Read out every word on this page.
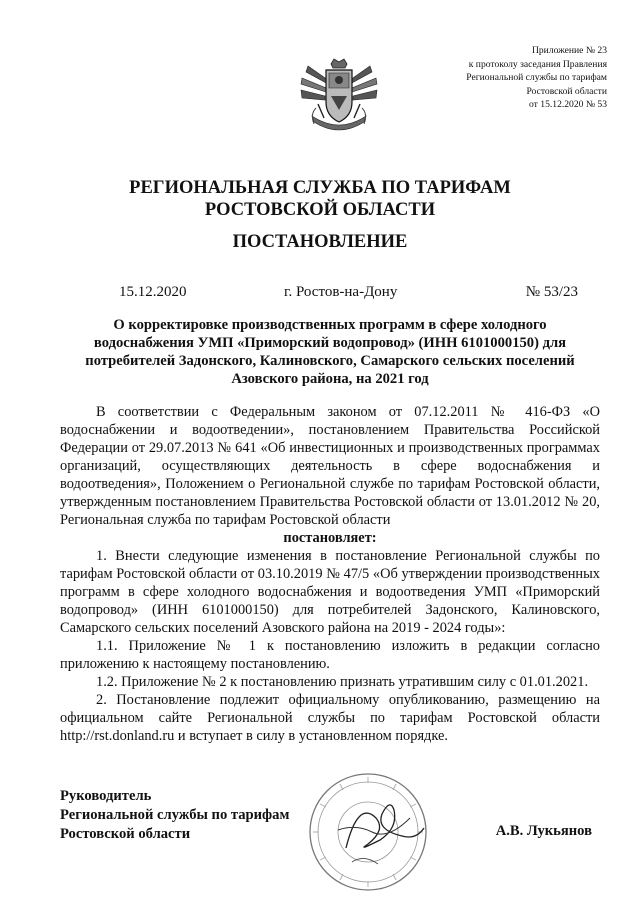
Приложение № 23
к протоколу заседания Правления
Региональной службы по тарифам
Ростовской области
от 15.12.2020 № 53
РЕГИОНАЛЬНАЯ СЛУЖБА ПО ТАРИФАМ
РОСТОВСКОЙ ОБЛАСТИ
ПОСТАНОВЛЕНИЕ
15.12.2020	г. Ростов-на-Дону	№ 53/23
О корректировке производственных программ в сфере холодного
водоснабжения УМП «Приморский водопровод» (ИНН 6101000150) для
потребителей Задонского, Калиновского, Самарского сельских поселений
Азовского района, на 2021 год

В соответствии с Федеральным законом от 07.12.2011 № 416-ФЗ «О водоснабжении и водоотведении», постановлением Правительства Российской Федерации от 29.07.2013 № 641 «Об инвестиционных и производственных программах организаций, осуществляющих деятельность в сфере водоснабжения и водоотведения», Положением о Региональной службе по тарифам Ростовской области, утвержденным постановлением Правительства Ростовской области от 13.01.2012 № 20, Региональная служба по тарифам Ростовской области

постановляет:

1. Внести следующие изменения в постановление Региональной службы по тарифам Ростовской области от 03.10.2019 № 47/5 «Об утверждении производственных программ в сфере холодного водоснабжения и водоотведения УМП «Приморский водопровод» (ИНН 6101000150) для потребителей Задонского, Калиновского, Самарского сельских поселений Азовского района на 2019 - 2024 годы»:

1.1. Приложение № 1 к постановлению изложить в редакции согласно приложению к настоящему постановлению.

1.2. Приложение № 2 к постановлению признать утратившим силу с 01.01.2021.

2. Постановление подлежит официальному опубликованию, размещению на официальном сайте Региональной службы по тарифам Ростовской области http://rst.donland.ru и вступает в силу в установленном порядке.

Руководитель
Региональной службы по тарифам
Ростовской области	А.В. Лукьянов
